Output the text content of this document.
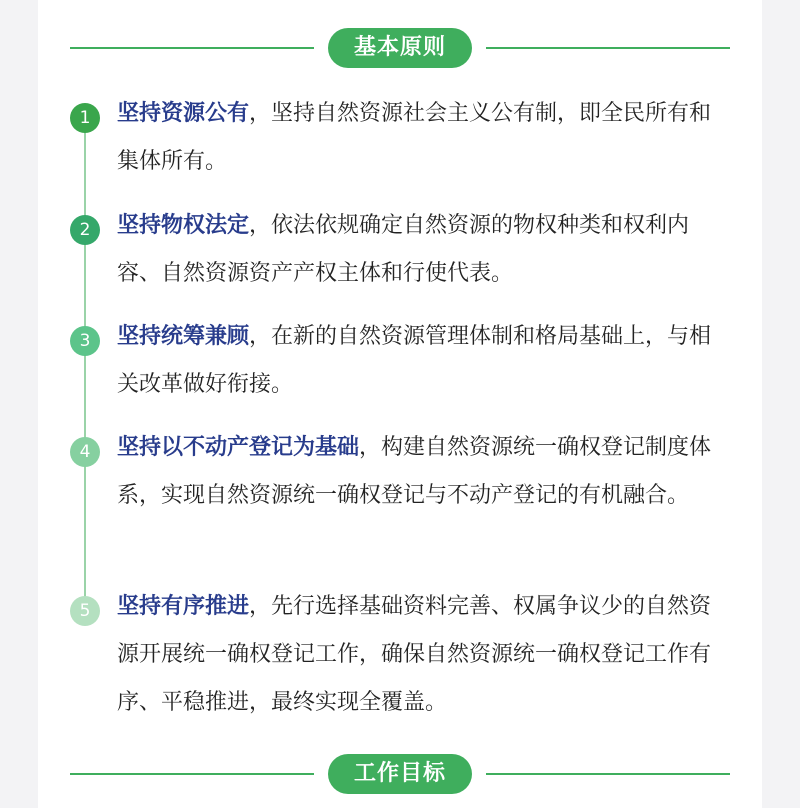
基本原则
1	坚持资源公有，坚持自然资源社会主义公有制，即全民所有和集体所有。
2	坚持物权法定，依法依规确定自然资源的物权种类和权利内容、自然资源资产产权主体和行使代表。
3	坚持统筹兼顾，在新的自然资源管理体制和格局基础上，与相关改革做好衔接。
4	坚持以不动产登记为基础，构建自然资源统一确权登记制度体系，实现自然资源统一确权登记与不动产登记的有机融合。
5	坚持有序推进，先行选择基础资料完善、权属争议少的自然资源开展统一确权登记工作，确保自然资源统一确权登记工作有序、平稳推进，最终实现全覆盖。
工作目标
